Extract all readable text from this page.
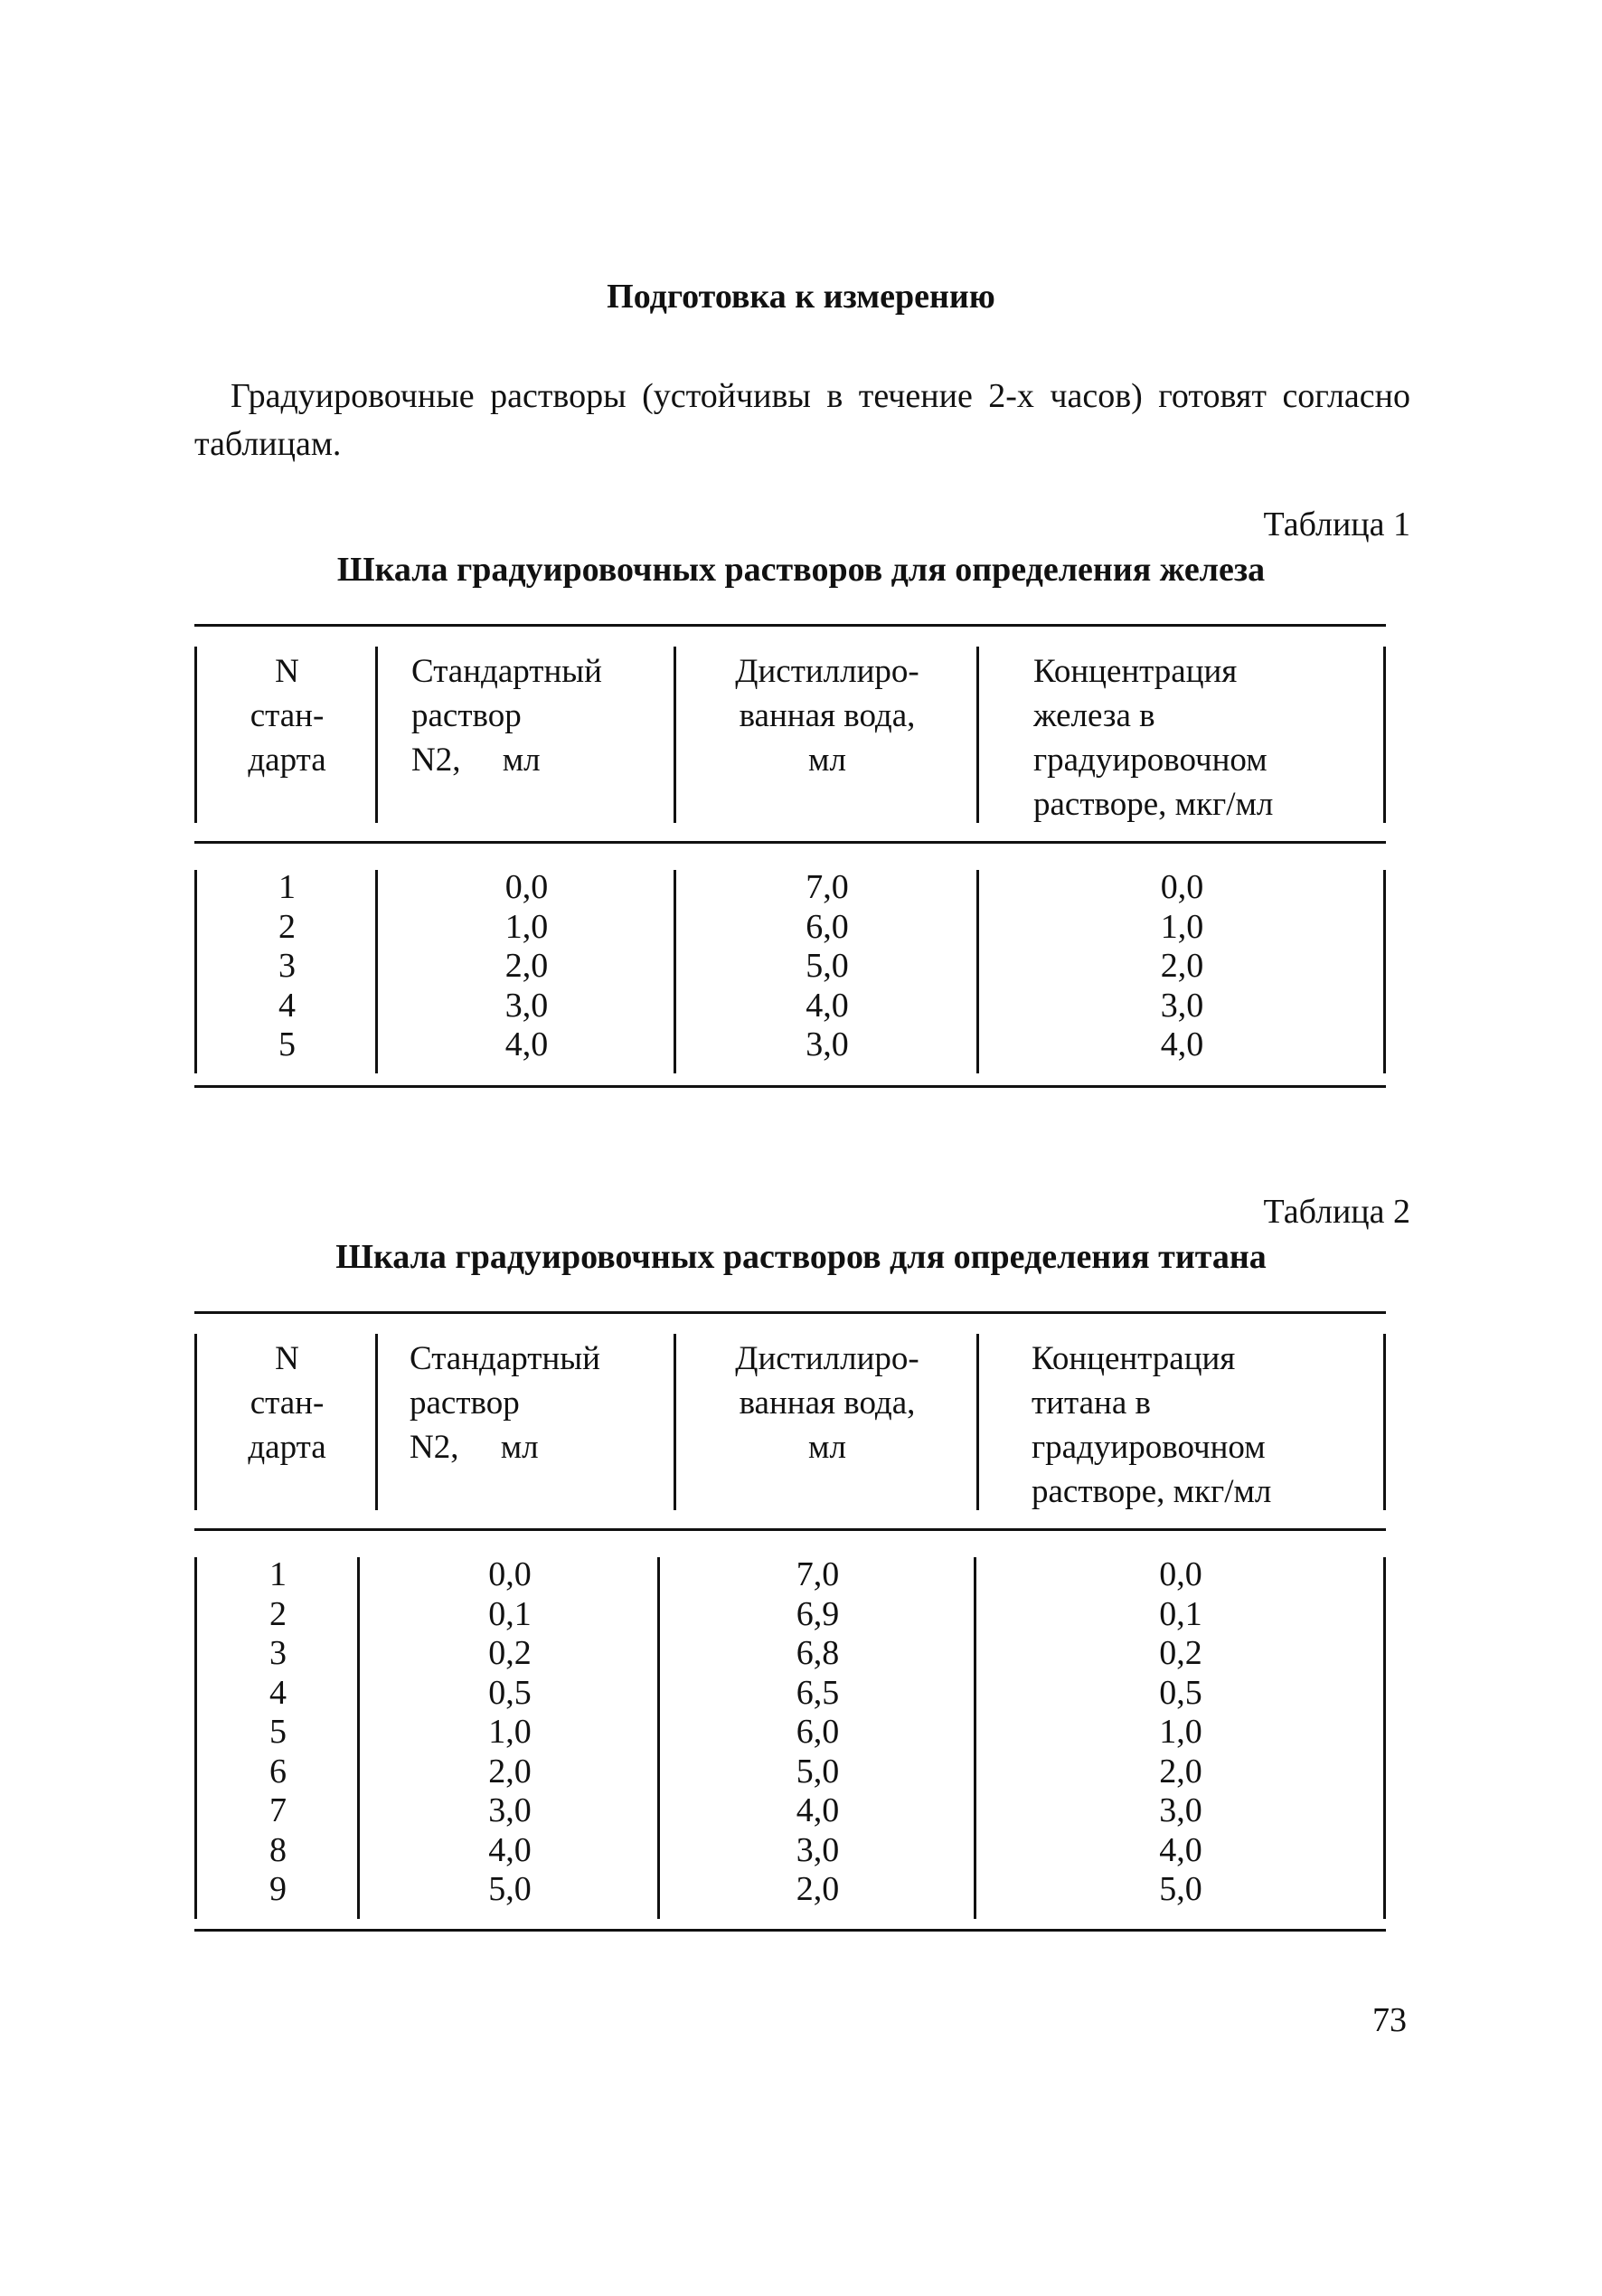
Подготовка к измерению
Градуировочные растворы (устойчивы в течение 2-х часов) готовят согласно таблицам.
Таблица 1
Шкала градуировочных растворов для определения железа
N
стан-
дарта
Стандартный
раствор
N2,     мл
Дистиллиро-
ванная вода,
мл
Концентрация
железа в
градуировочном
растворе, мкг/мл
1
2
3
4
5
0,0
1,0
2,0
3,0
4,0
7,0
6,0
5,0
4,0
3,0
0,0
1,0
2,0
3,0
4,0
Таблица 2
Шкала градуировочных растворов для определения титана
N
стан-
дарта
Стандартный
раствор
N2,     мл
Дистиллиро-
ванная вода,
мл
Концентрация
титана в
градуировочном
растворе, мкг/мл
1
2
3
4
5
6
7
8
9
0,0
0,1
0,2
0,5
1,0
2,0
3,0
4,0
5,0
7,0
6,9
6,8
6,5
6,0
5,0
4,0
3,0
2,0
0,0
0,1
0,2
0,5
1,0
2,0
3,0
4,0
5,0
73
